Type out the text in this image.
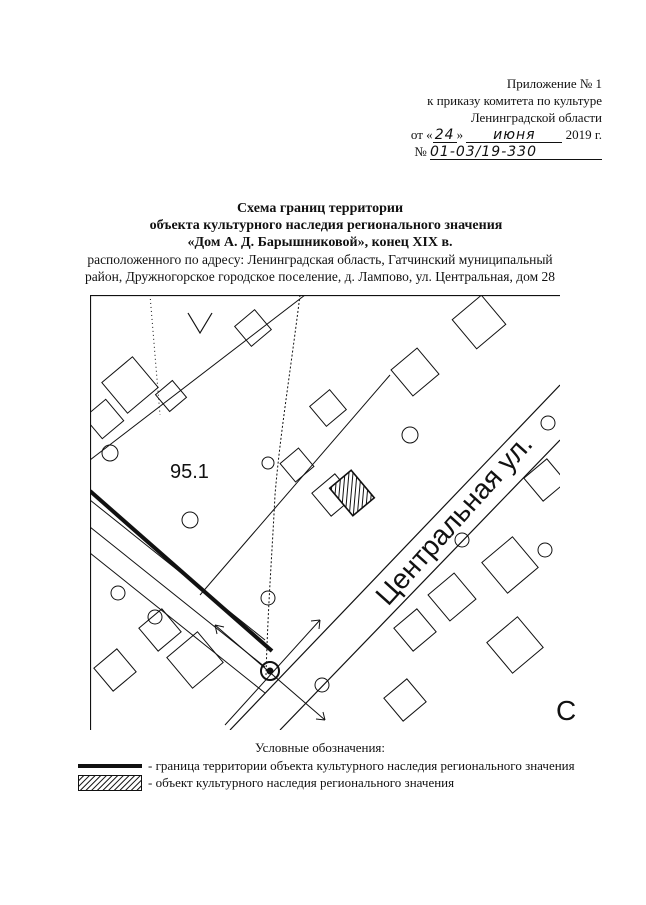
Приложение № 1
к приказу комитета по культуре
Ленинградской области
от « 24 » июня 2019 г.
№ 01-03/19-330
Схема границ территории
объекта культурного наследия регионального значения
«Дом А. Д. Барышниковой», конец XIX в.
расположенного по адресу: Ленинградская область, Гатчинский муниципальный
район, Дружногорское городское поселение, д. Лампово, ул. Центральная, дом 28
95.1	Центральная ул.
С
Условные обозначения:
- граница территории объекта культурного наследия регионального значения
- объект культурного наследия регионального значения
